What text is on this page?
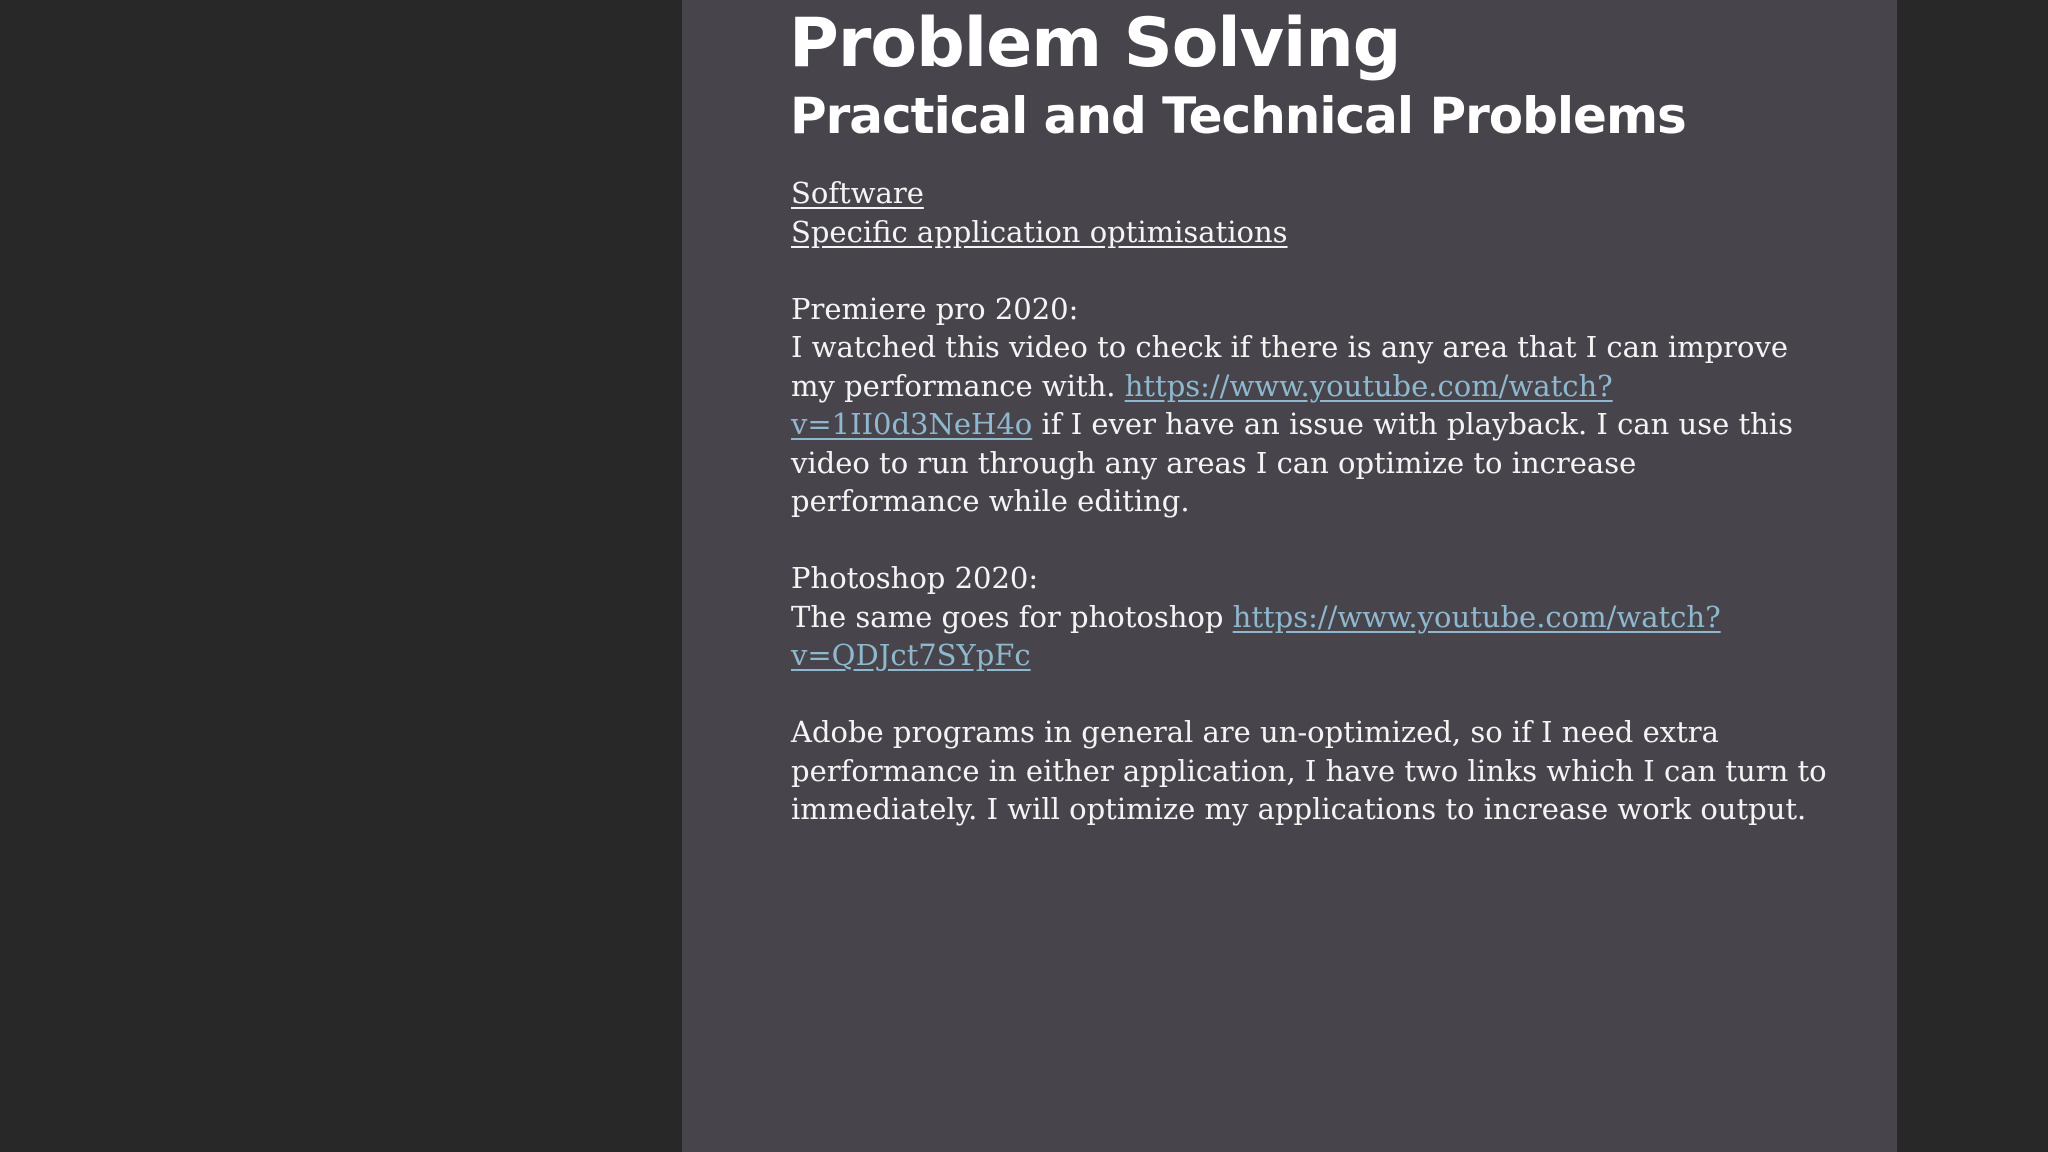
Problem Solving
Practical and Technical Problems

Software

Specific application optimisations

Premiere pro 2020:

I watched this video to check if there is any area that I can improve my performance with. https://www.youtube.com/watch?v=1II0d3NeH4o if I ever have an issue with playback. I can use this video to run through any areas I can optimize to increase performance while editing.

Photoshop 2020:

The same goes for photoshop https://www.youtube.com/watch?v=QDJct7SYpFc

Adobe programs in general are un-optimized, so if I need extra performance in either application, I have two links which I can turn to immediately. I will optimize my applications to increase work output.
